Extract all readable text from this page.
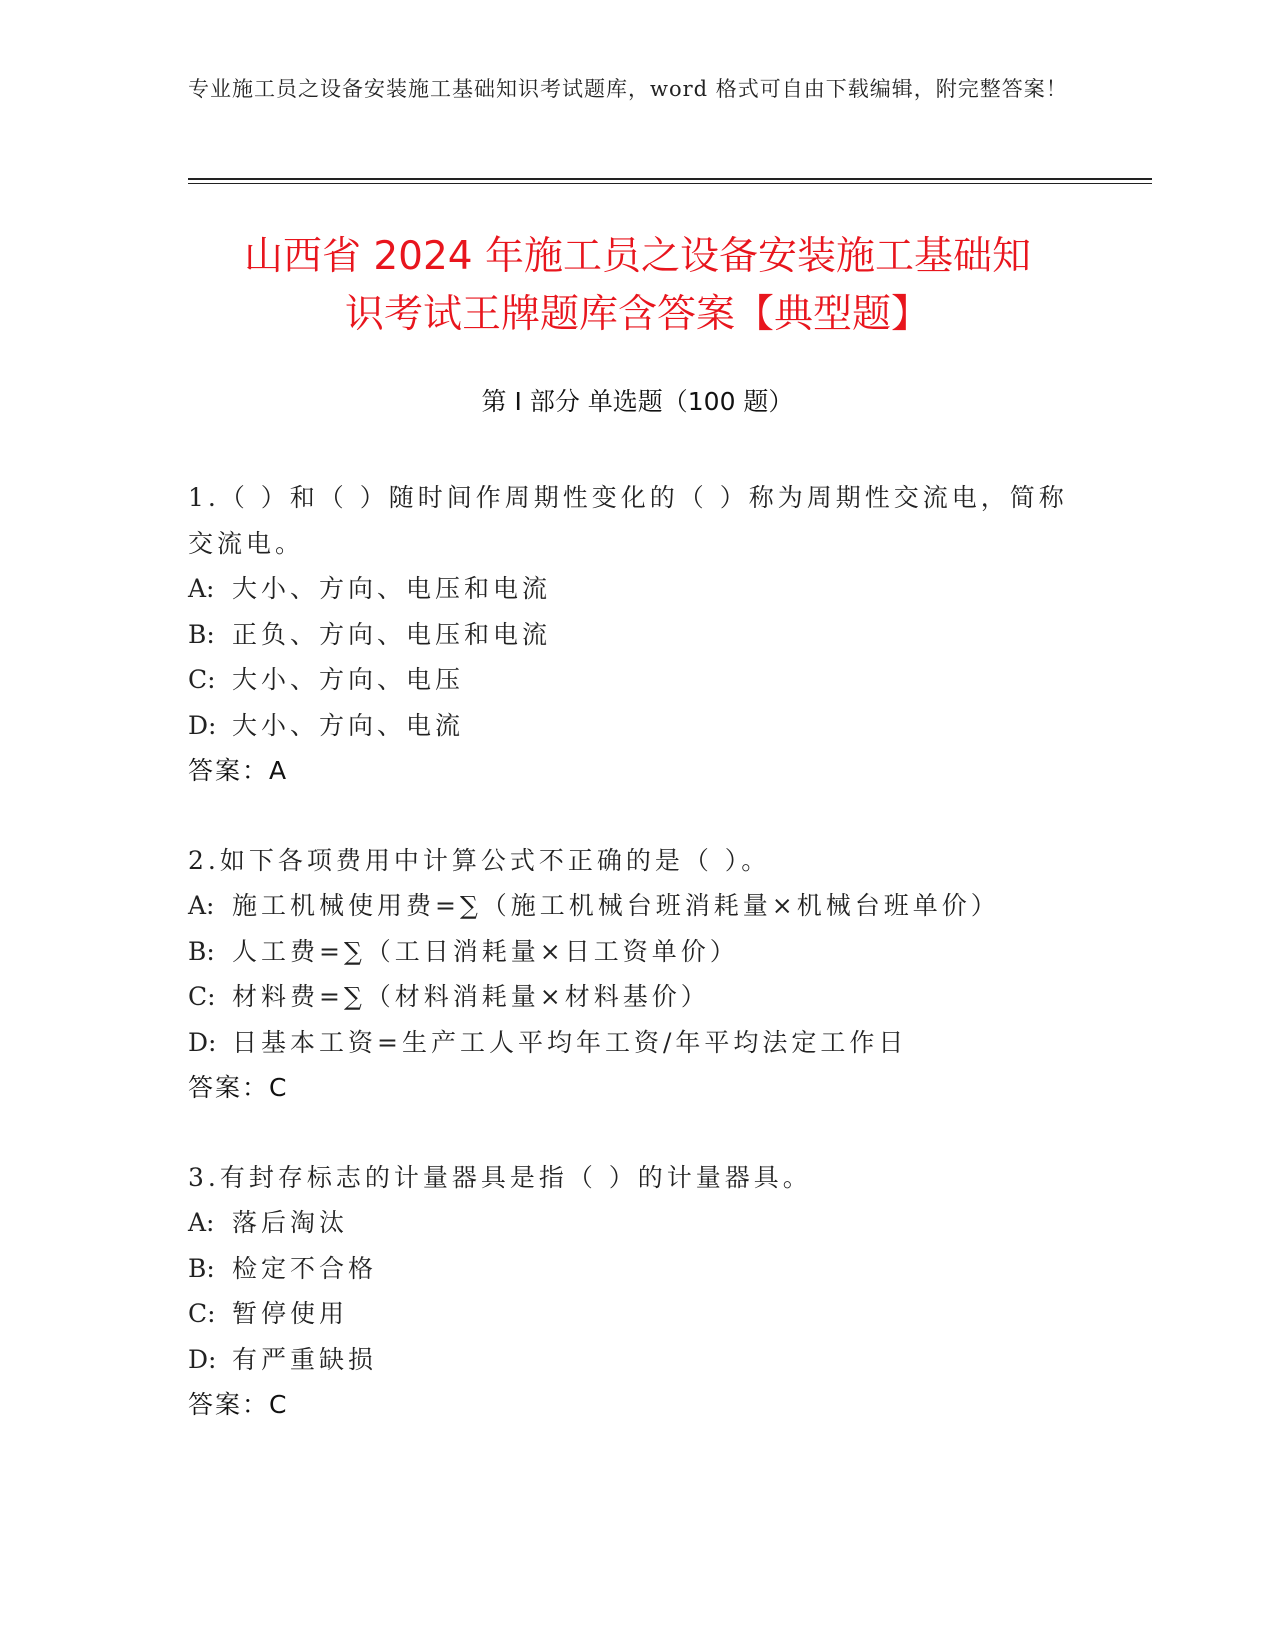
专业施工员之设备安装施工基础知识考试题库，word 格式可自由下载编辑，附完整答案！
山西省 2024 年施工员之设备安装施工基础知
识考试王牌题库含答案【典型题】
第 I 部分 单选题（100 题）

1.（ ）和（ ）随时间作周期性变化的（ ）称为周期性交流电，简称交流电。

A: 大小、方向、电压和电流

B: 正负、方向、电压和电流

C: 大小、方向、电压

D: 大小、方向、电流

答案：A

2.如下各项费用中计算公式不正确的是（ ）。

A: 施工机械使用费=∑（施工机械台班消耗量×机械台班单价）

B: 人工费=∑（工日消耗量×日工资单价）

C: 材料费=∑（材料消耗量×材料基价）

D: 日基本工资=生产工人平均年工资/年平均法定工作日

答案：C

3.有封存标志的计量器具是指（ ）的计量器具。

A: 落后淘汰

B: 检定不合格

C: 暂停使用

D: 有严重缺损

答案：C
